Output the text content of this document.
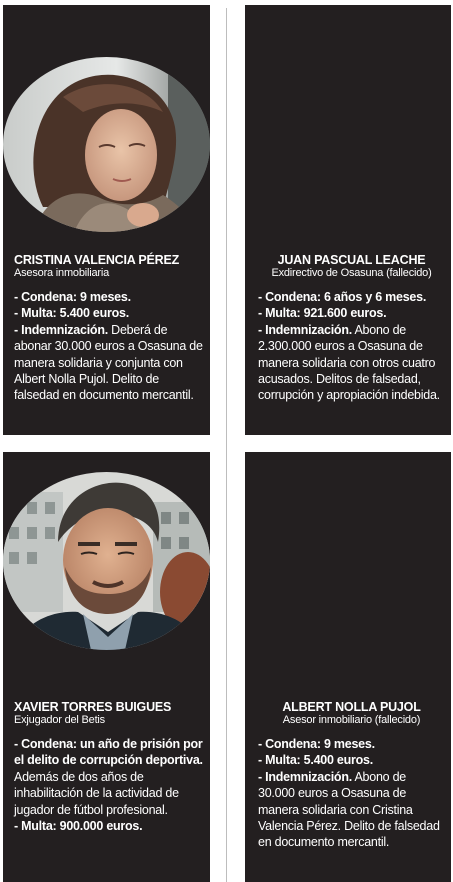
CRISTINA VALENCIA PÉREZ

Asesora inmobiliaria

- Condena: 9 meses.

- Multa: 5.400 euros.

- Indemnización. Deberá de abonar 30.000 euros a Osasuna de manera solidaria y conjunta con Albert Nolla Pujol. Delito de falsedad en documento mercantil.

JUAN PASCUAL LEACHE

Exdirectivo de Osasuna (fallecido)

- Condena: 6 años y 6 meses.

- Multa: 921.600 euros.

- Indemnización. Abono de 2.300.000 euros a Osasuna de manera solidaria con otros cuatro acusados. Delitos de falsedad, corrupción y apropiación indebida.

XAVIER TORRES BUIGUES

Exjugador del Betis

- Condena: un año de prisión por el delito de corrupción deportiva.

Además de dos años de inhabilitación de la actividad de jugador de fútbol profesional.

- Multa: 900.000 euros.

ALBERT NOLLA PUJOL

Asesor inmobiliario (fallecido)

- Condena: 9 meses.

- Multa: 5.400 euros.

- Indemnización. Abono de 30.000 euros a Osasuna de manera solidaria con Cristina Valencia Pérez. Delito de falsedad en documento mercantil.
